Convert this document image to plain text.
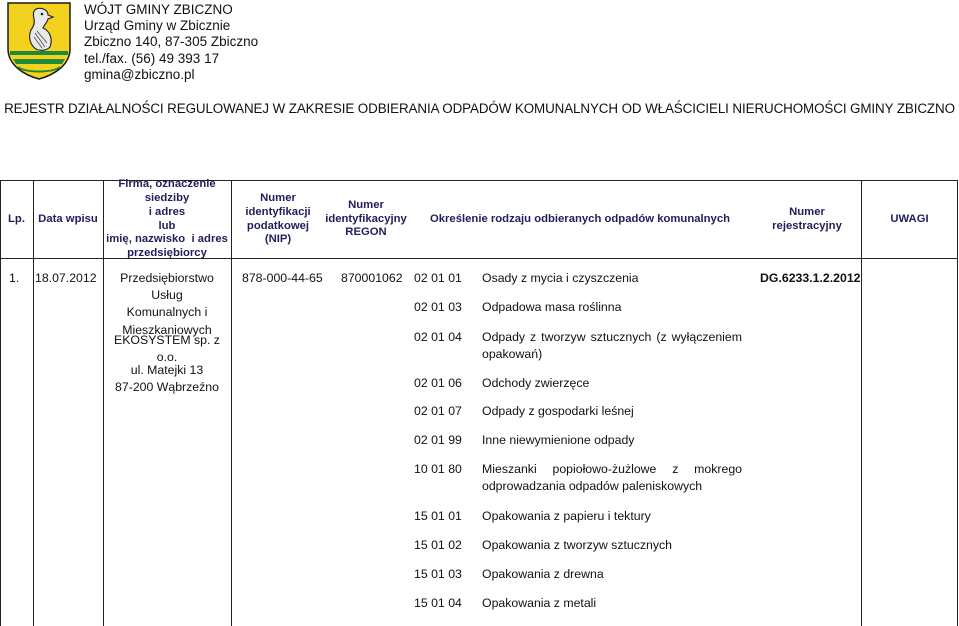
WÓJT GMINY ZBICZNO
Urząd Gminy w Zbicznie
Zbiczno 140, 87-305 Zbiczno
tel./fax. (56) 49 393 17
gmina@zbiczno.pl
REJESTR DZIAŁALNOŚCI REGULOWANEJ W ZAKRESIE ODBIERANIA ODPADÓW KOMUNALNYCH OD WŁAŚCICIELI NIERUCHOMOŚCI GMINY ZBICZNO
Lp. Data wpisu
Firma, oznaczenie siedziby
i adres
lub
imię, nazwisko  i adres
przedsiębiorcy
Numer
identyfikacji
podatkowej
(NIP)
Numer
identyfikacyjny
REGON
Określenie rodzaju odbieranych odpadów komunalnych
Numer rejestracyjny
UWAGI
1. 18.07.2012	Przedsiębiorstwo Usług
Komunalnych i
Mieszkaniowych
EKOSYSTEM sp. z o.o.
ul. Matejki 13
87-200 Wąbrzeźno
878-000-44-65 870001062	DG.6233.1.2.2012
02 01 01 Osady z mycia i czyszczenia
02 01 03 Odpadowa masa roślinna
02 01 04 Odpady z tworzyw sztucznych (z wyłączeniem opakowań)
02 01 06 Odchody zwierzęce
02 01 07 Odpady z gospodarki leśnej
02 01 99 Inne niewymienione odpady
10 01 80 Mieszanki popiołowo-żużlowe z mokrego odprowadzania odpadów paleniskowych
15 01 01 Opakowania z papieru i tektury
15 01 02 Opakowania z tworzyw sztucznych
15 01 03 Opakowania z drewna
15 01 04 Opakowania z metali
